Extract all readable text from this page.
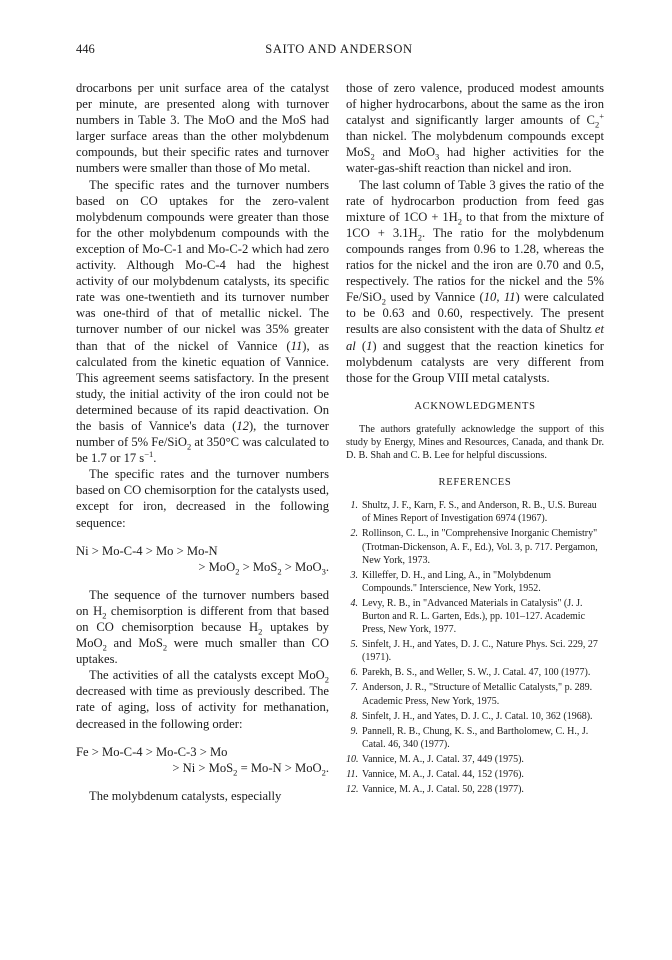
446	SAITO AND ANDERSON

drocarbons per unit surface area of the catalyst per minute, are presented along with turnover numbers in Table 3. The MoO and the MoS had larger surface areas than the other molybdenum compounds, but their specific rates and turnover numbers were smaller than those of Mo metal.

The specific rates and the turnover numbers based on CO uptakes for the zero-valent molybdenum compounds were greater than those for the other molybdenum compounds with the exception of Mo-C-1 and Mo-C-2 which had zero activity. Although Mo-C-4 had the highest activity of our molybdenum catalysts, its specific rate was one-twentieth and its turnover number was one-third of that of metallic nickel. The turnover number of our nickel was 35% greater than that of the nickel of Vannice (11), as calculated from the kinetic equation of Vannice. This agreement seems satisfactory. In the present study, the initial activity of the iron could not be determined because of its rapid deactivation. On the basis of Vannice's data (12), the turnover number of 5% Fe/SiO$_2$ at 350°C was calculated to be 1.7 or 17 $s^{-1}$.

The specific rates and the turnover numbers based on CO chemisorption for the catalysts used, except for iron, decreased in the following sequence:

Ni > Mo-C-4 > Mo > Mo-N
> MoO$_2$ > MoS$_2$ > MoO$_3$.

The sequence of the turnover numbers based on $H_2$ chemisorption is different from that based on CO chemisorption because $H_2$ uptakes by MoO$_2$ and MoS$_2$ were much smaller than CO uptakes.

The activities of all the catalysts except MoO$_2$ decreased with time as previously described. The rate of aging, loss of activity for methanation, decreased in the following order:

Fe > Mo-C-4 > Mo-C-3 > Mo
> Ni > MoS$_2$ = Mo-N > MoO$_2$.

The molybdenum catalysts, especially

those of zero valence, produced modest amounts of higher hydrocarbons, about the same as the iron catalyst and significantly larger amounts of $C_2^+$ than nickel. The molybdenum compounds except MoS$_2$ and MoO$_3$ had higher activities for the water-gas-shift reaction than nickel and iron.

The last column of Table 3 gives the ratio of the rate of hydrocarbon production from feed gas mixture of $1CO + 1H_2$ to that from the mixture of $1CO + 3.1H_2$. The ratio for the molybdenum compounds ranges from 0.96 to 1.28, whereas the ratios for the nickel and the iron are 0.70 and 0.5, respectively. The ratios for the nickel and the 5% Fe/SiO$_2$ used by Vannice (10, 11) were calculated to be 0.63 and 0.60, respectively. The present results are also consistent with the data of Shultz et al (1) and suggest that the reaction kinetics for molybdenum catalysts are very different from those for the Group VIII metal catalysts.

ACKNOWLEDGMENTS

The authors gratefully acknowledge the support of this study by Energy, Mines and Resources, Canada, and thank Dr. D. B. Shah and C. B. Lee for helpful discussions.

REFERENCES
1. Shultz, J. F., Karn, F. S., and Anderson, R. B., U.S. Bureau of Mines Report of Investigation 6974 (1967).
2. Rollinson, C. L., in "Comprehensive Inorganic Chemistry" (Trotman-Dickenson, A. F., Ed.), Vol. 3, p. 717. Pergamon, New York, 1973.
3. Killeffer, D. H., and Ling, A., in "Molybdenum Compounds." Interscience, New York, 1952.
4. Levy, R. B., in "Advanced Materials in Catalysis" (J. J. Burton and R. L. Garten, Eds.), pp. 101–127. Academic Press, New York, 1977.
5. Sinfelt, J. H., and Yates, D. J. C., Nature Phys. Sci. 229, 27 (1971).
6. Parekh, B. S., and Weller, S. W., J. Catal. 47, 100 (1977).
7. Anderson, J. R., "Structure of Metallic Catalysts," p. 289. Academic Press, New York, 1975.
8. Sinfelt, J. H., and Yates, D. J. C., J. Catal. 10, 362 (1968).
9. Pannell, R. B., Chung, K. S., and Bartholomew, C. H., J. Catal. 46, 340 (1977).
10. Vannice, M. A., J. Catal. 37, 449 (1975).
11. Vannice, M. A., J. Catal. 44, 152 (1976).
12. Vannice, M. A., J. Catal. 50, 228 (1977).
